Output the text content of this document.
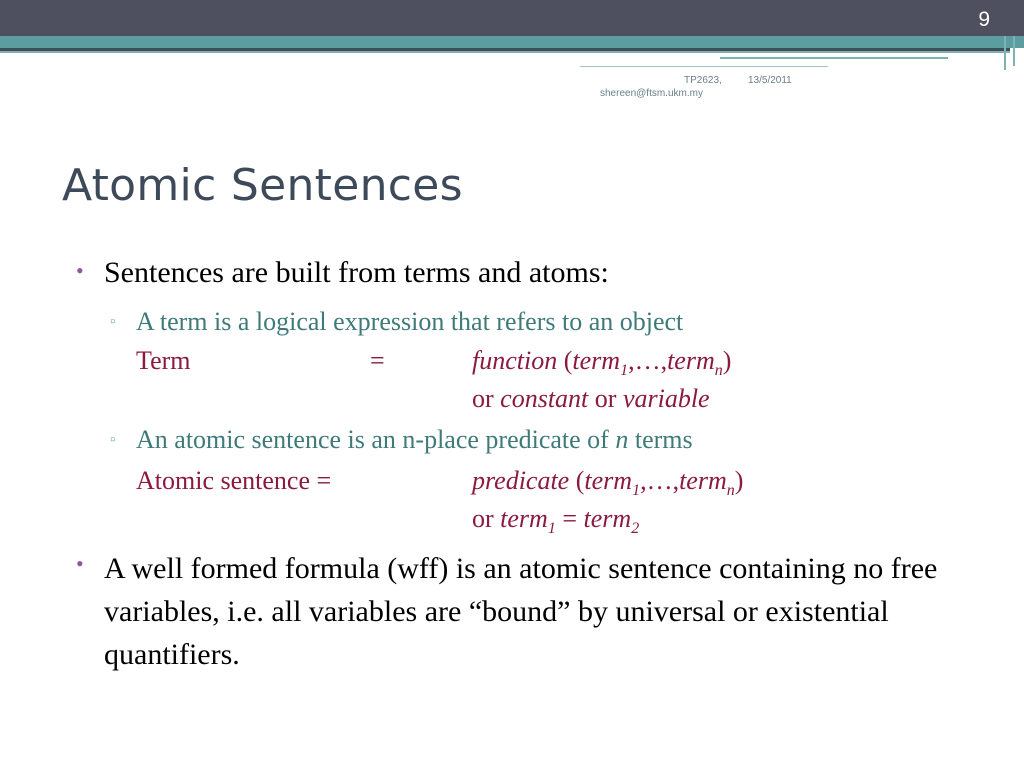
9
TP2623,	13/5/2011
shereen@ftsm.ukm.my
Atomic Sentences
• Sentences are built from terms and atoms:
▫ A term is a logical expression that refers to an object
Term	=	function (term$_1$,…,term$_n$)
or constant or variable
▫ An atomic sentence is an n-place predicate of n terms
Atomic sentence =	predicate (term$_1$,…,term$_n$)
or term$_1$ = term$_2$
• A well formed formula (wff) is an atomic sentence containing no free variables, i.e. all variables are “bound” by universal or existential quantifiers.
